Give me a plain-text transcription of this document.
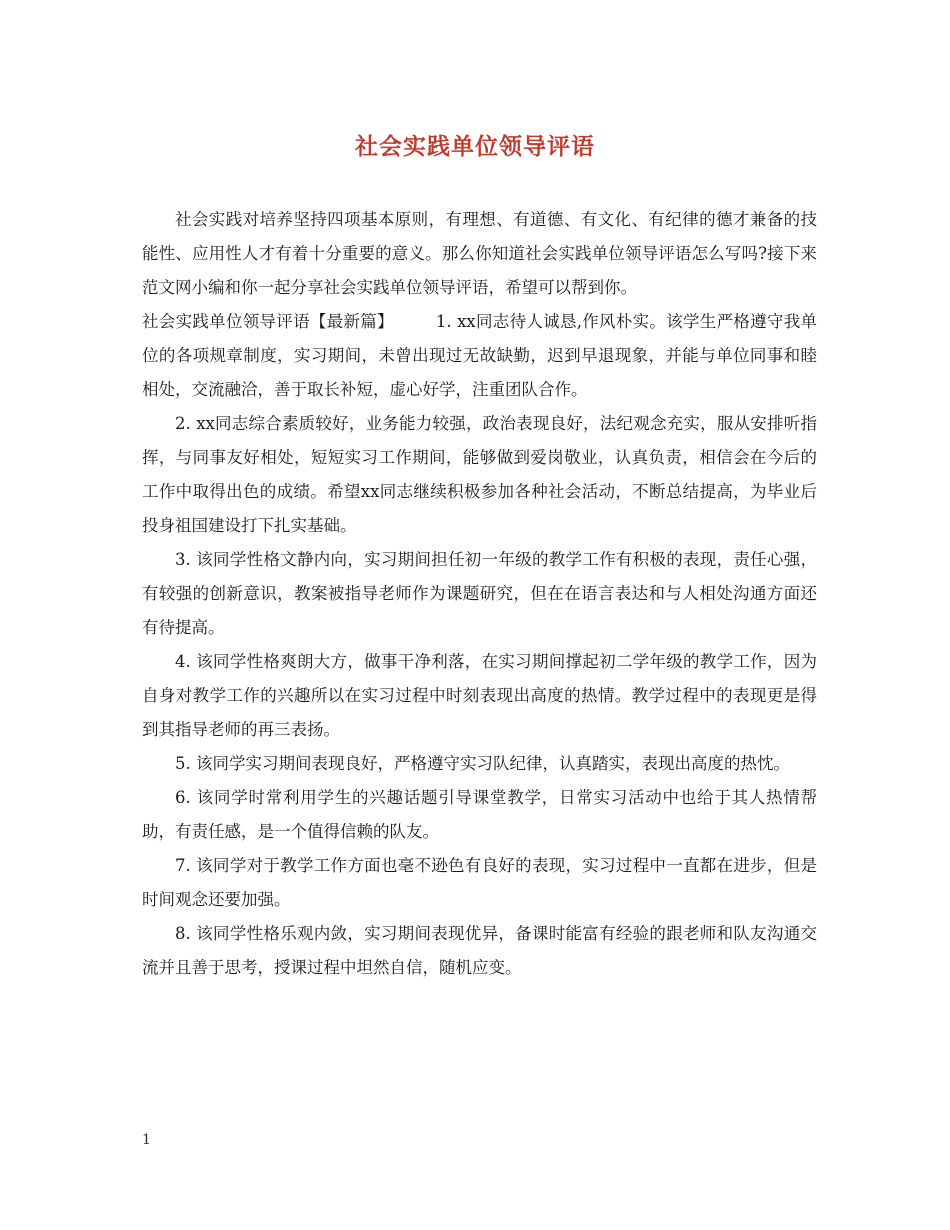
社会实践单位领导评语

社会实践对培养坚持四项基本原则，有理想、有道德、有文化、有纪律的德才兼备的技能性、应用性人才有着十分重要的意义。那么你知道社会实践单位领导评语怎么写吗?接下来范文网小编和你一起分享社会实践单位领导评语，希望可以帮到你。

社会实践单位领导评语【最新篇】	1. xx同志待人诚恳,作风朴实。该学生严格遵守我单位的各项规章制度，实习期间，未曾出现过无故缺勤，迟到早退现象，并能与单位同事和睦相处，交流融洽，善于取长补短，虚心好学，注重团队合作。

2. xx同志综合素质较好，业务能力较强，政治表现良好，法纪观念充实，服从安排听指挥，与同事友好相处，短短实习工作期间，能够做到爱岗敬业，认真负责，相信会在今后的工作中取得出色的成绩。希望xx同志继续积极参加各种社会活动，不断总结提高，为毕业后投身祖国建设打下扎实基础。

3. 该同学性格文静内向，实习期间担任初一年级的教学工作有积极的表现，责任心强，有较强的创新意识，教案被指导老师作为课题研究，但在在语言表达和与人相处沟通方面还有待提高。

4. 该同学性格爽朗大方，做事干净利落，在实习期间撑起初二学年级的教学工作，因为自身对教学工作的兴趣所以在实习过程中时刻表现出高度的热情。教学过程中的表现更是得到其指导老师的再三表扬。

5. 该同学实习期间表现良好，严格遵守实习队纪律，认真踏实，表现出高度的热忱。

6. 该同学时常利用学生的兴趣话题引导课堂教学，日常实习活动中也给于其人热情帮助，有责任感，是一个值得信赖的队友。

7. 该同学对于教学工作方面也毫不逊色有良好的表现，实习过程中一直都在进步，但是时间观念还要加强。

8. 该同学性格乐观内敛，实习期间表现优异，备课时能富有经验的跟老师和队友沟通交流并且善于思考，授课过程中坦然自信，随机应变。

1
